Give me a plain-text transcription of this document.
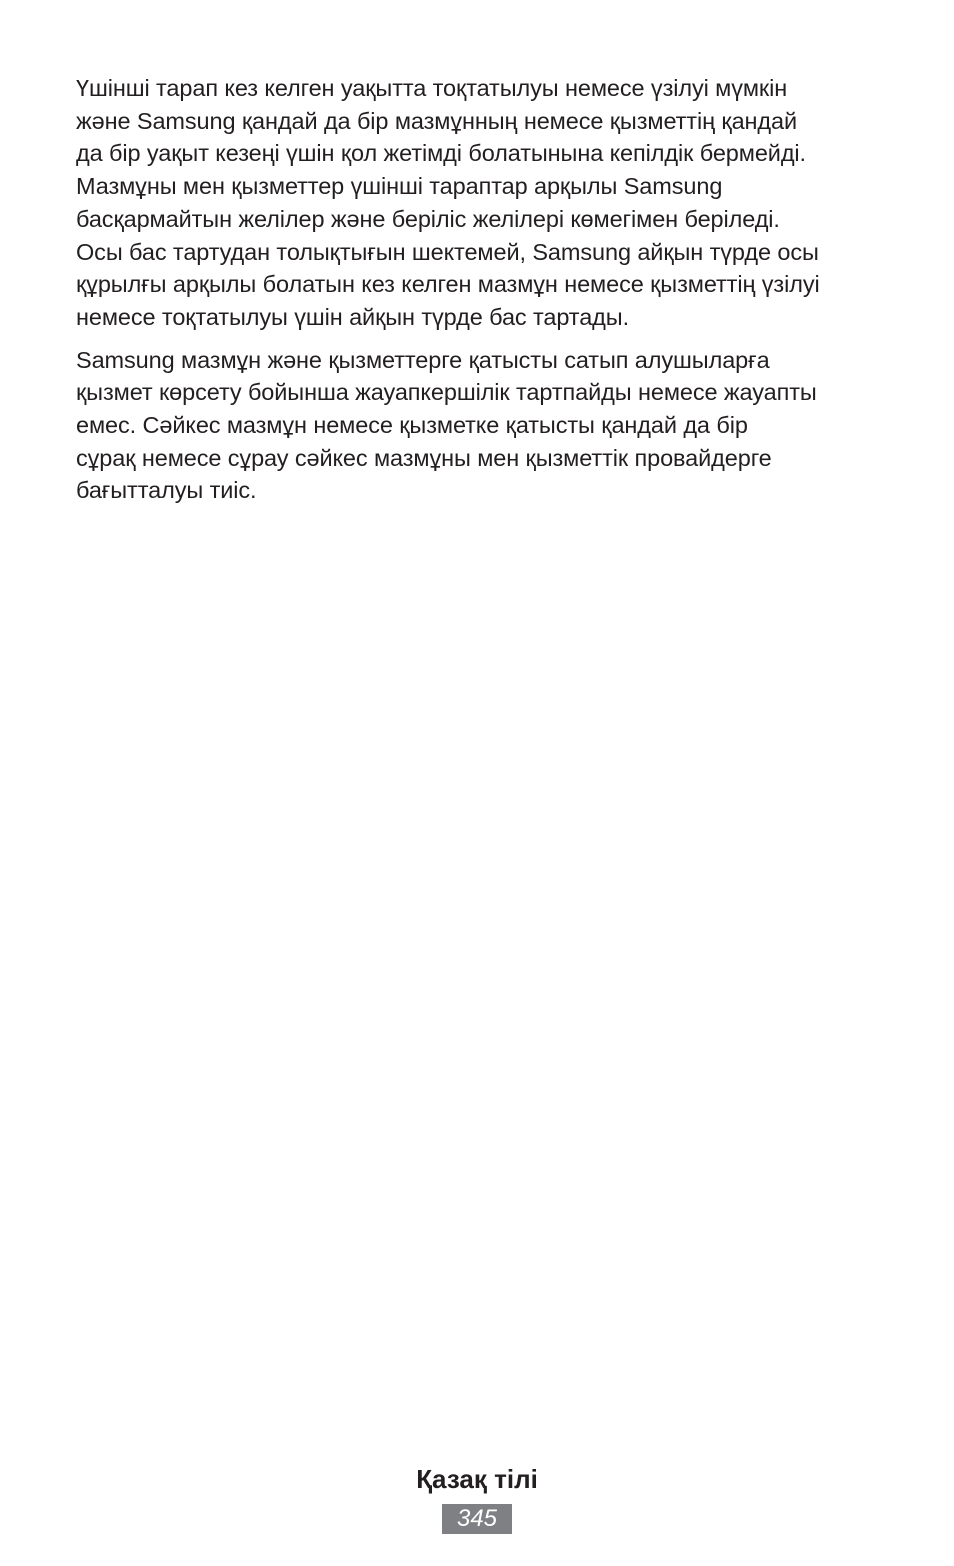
Үшінші тарап кез келген уақытта тоқтатылуы немесе үзілуі мүмкін
және Samsung қандай да бір мазмұнның немесе қызметтің қандай
да бір уақыт кезеңі үшін қол жетімді болатынына кепілдік бермейді.
Мазмұны мен қызметтер үшінші тараптар арқылы Samsung
басқармайтын желілер және беріліс желілері көмегімен беріледі.
Осы бас тартудан толықтығын шектемей, Samsung айқын түрде осы
құрылғы арқылы болатын кез келген мазмұн немесе қызметтің үзілуі
немесе тоқтатылуы үшін айқын түрде бас тартады.

Samsung мазмұн және қызметтерге қатысты сатып алушыларға
қызмет көрсету бойынша жауапкершілік тартпайды немесе жауапты
емес. Сәйкес мазмұн немесе қызметке қатысты қандай да бір
сұрақ немесе сұрау сәйкес мазмұны мен қызметтік провайдерге
бағытталуы тиіс.

Қазақ тілі
345
